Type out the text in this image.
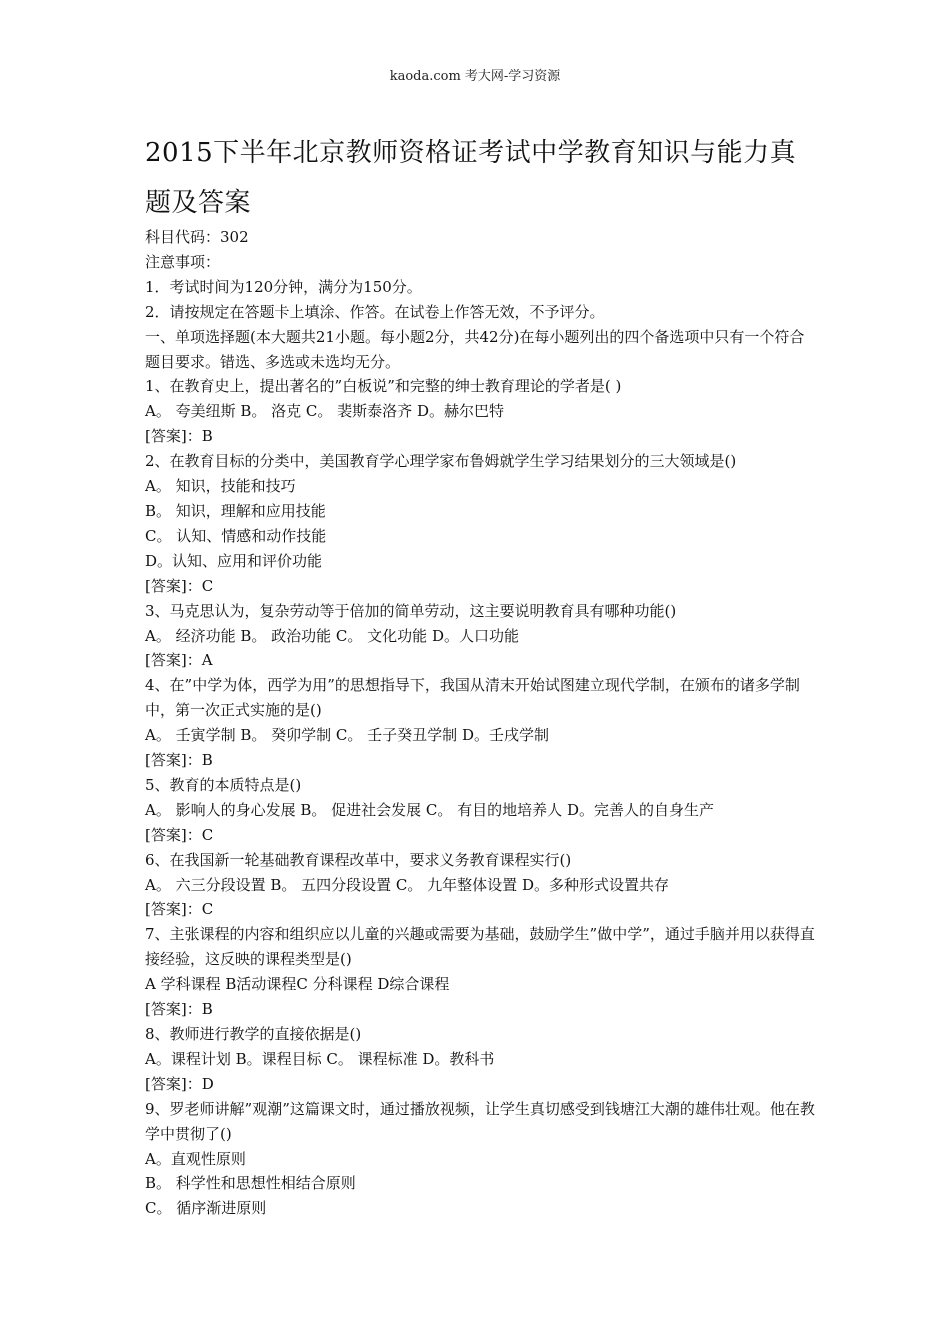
kaoda.com 考大网-学习资源
2015下半年北京教师资格证考试中学教育知识与能力真题及答案

科目代码：302

注意事项：

1．考试时间为120分钟，满分为150分。

2．请按规定在答题卡上填涂、作答。在试卷上作答无效，不予评分。

一、单项选择题(本大题共21小题。每小题2分，共42分)在每小题列出的四个备选项中只有一个符合题目要求。错选、多选或未选均无分。

1、在教育史上，提出著名的”白板说”和完整的绅士教育理论的学者是( )

A。 夸美纽斯 B。 洛克 C。 裴斯泰洛齐 D。赫尔巴特

[答案]：B

2、在教育目标的分类中，美国教育学心理学家布鲁姆就学生学习结果划分的三大领域是()

A。 知识，技能和技巧

B。 知识，理解和应用技能

C。 认知、情感和动作技能

D。认知、应用和评价功能

[答案]：C

3、马克思认为，复杂劳动等于倍加的简单劳动，这主要说明教育具有哪种功能()

A。 经济功能 B。 政治功能 C。 文化功能 D。人口功能

[答案]：A

4、在”中学为体，西学为用”的思想指导下，我国从清末开始试图建立现代学制，在颁布的诸多学制中，第一次正式实施的是()

A。 壬寅学制 B。 癸卯学制 C。 壬子癸丑学制 D。壬戌学制

[答案]：B

5、教育的本质特点是()

A。 影响人的身心发展 B。 促进社会发展 C。 有目的地培养人 D。完善人的自身生产

[答案]：C

6、在我国新一轮基础教育课程改革中，要求义务教育课程实行()

A。 六三分段设置 B。 五四分段设置 C。 九年整体设置 D。多种形式设置共存

[答案]：C

7、主张课程的内容和组织应以儿童的兴趣或需要为基础，鼓励学生”做中学”，通过手脑并用以获得直接经验，这反映的课程类型是()

A 学科课程 B活动课程C 分科课程 D综合课程

[答案]：B

8、教师进行教学的直接依据是()

A。课程计划 B。课程目标 C。 课程标准 D。教科书

[答案]：D

9、罗老师讲解”观潮”这篇课文时，通过播放视频，让学生真切感受到钱塘江大潮的雄伟壮观。他在教学中贯彻了()

A。直观性原则

B。 科学性和思想性相结合原则

C。 循序渐进原则
